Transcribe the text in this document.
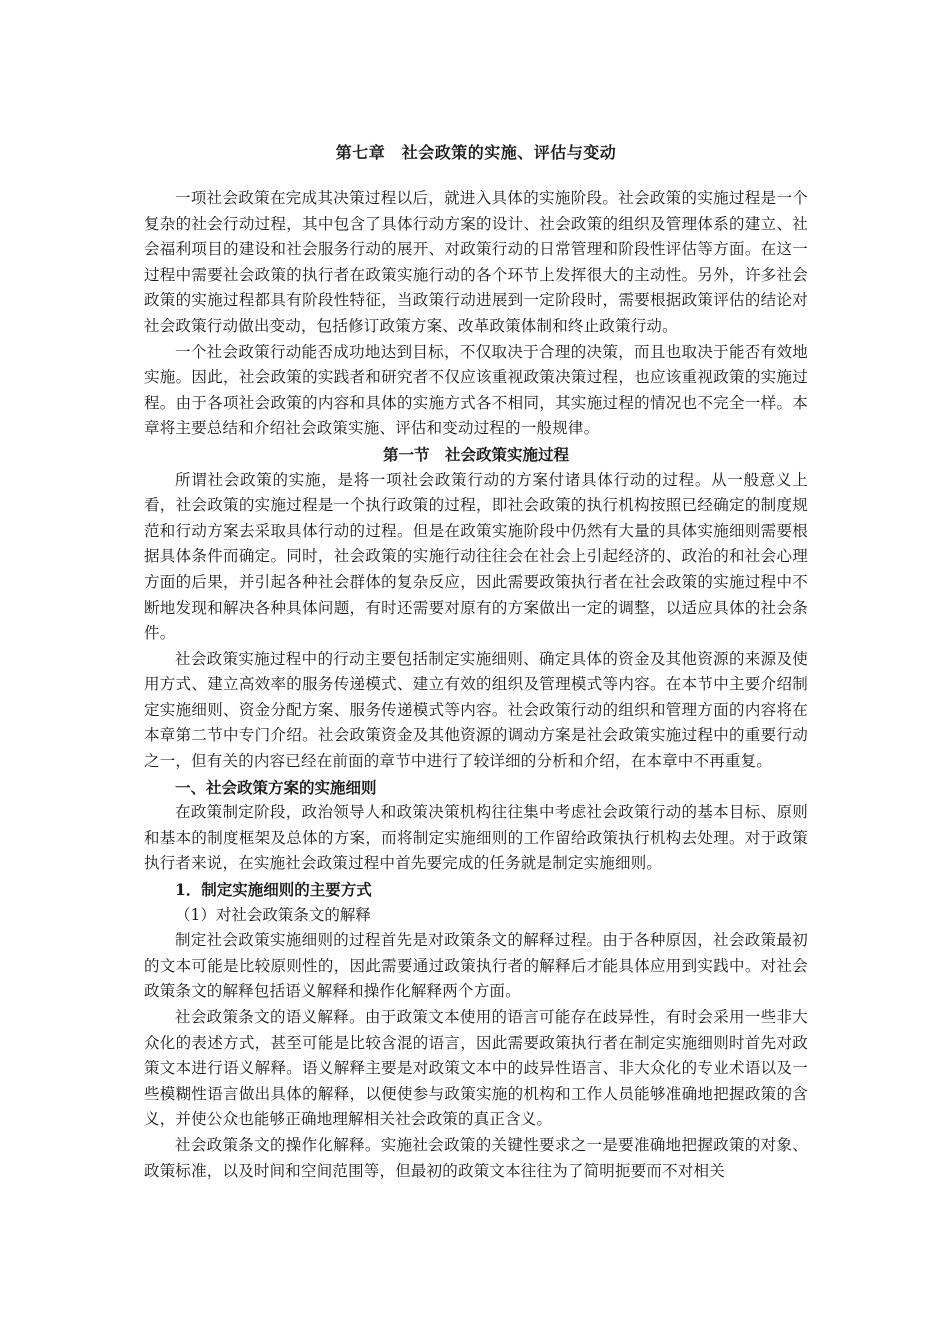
第七章　社会政策的实施、评估与变动

一项社会政策在完成其决策过程以后，就进入具体的实施阶段。社会政策的实施过程是一个复杂的社会行动过程，其中包含了具体行动方案的设计、社会政策的组织及管理体系的建立、社会福利项目的建设和社会服务行动的展开、对政策行动的日常管理和阶段性评估等方面。在这一过程中需要社会政策的执行者在政策实施行动的各个环节上发挥很大的主动性。另外，许多社会政策的实施过程都具有阶段性特征，当政策行动进展到一定阶段时，需要根据政策评估的结论对社会政策行动做出变动，包括修订政策方案、改革政策体制和终止政策行动。

一个社会政策行动能否成功地达到目标，不仅取决于合理的决策，而且也取决于能否有效地实施。因此，社会政策的实践者和研究者不仅应该重视政策决策过程，也应该重视政策的实施过程。由于各项社会政策的内容和具体的实施方式各不相同，其实施过程的情况也不完全一样。本章将主要总结和介绍社会政策实施、评估和变动过程的一般规律。

第一节　社会政策实施过程

所谓社会政策的实施，是将一项社会政策行动的方案付诸具体行动的过程。从一般意义上看，社会政策的实施过程是一个执行政策的过程，即社会政策的执行机构按照已经确定的制度规范和行动方案去采取具体行动的过程。但是在政策实施阶段中仍然有大量的具体实施细则需要根据具体条件而确定。同时，社会政策的实施行动往往会在社会上引起经济的、政治的和社会心理方面的后果，并引起各种社会群体的复杂反应，因此需要政策执行者在社会政策的实施过程中不断地发现和解决各种具体问题，有时还需要对原有的方案做出一定的调整，以适应具体的社会条件。

社会政策实施过程中的行动主要包括制定实施细则、确定具体的资金及其他资源的来源及使用方式、建立高效率的服务传递模式、建立有效的组织及管理模式等内容。在本节中主要介绍制定实施细则、资金分配方案、服务传递模式等内容。社会政策行动的组织和管理方面的内容将在本章第二节中专门介绍。社会政策资金及其他资源的调动方案是社会政策实施过程中的重要行动之一，但有关的内容已经在前面的章节中进行了较详细的分析和介绍，在本章中不再重复。

一、社会政策方案的实施细则

在政策制定阶段，政治领导人和政策决策机构往往集中考虑社会政策行动的基本目标、原则和基本的制度框架及总体的方案，而将制定实施细则的工作留给政策执行机构去处理。对于政策执行者来说，在实施社会政策过程中首先要完成的任务就是制定实施细则。

1．制定实施细则的主要方式
（1）对社会政策条文的解释

制定社会政策实施细则的过程首先是对政策条文的解释过程。由于各种原因，社会政策最初的文本可能是比较原则性的，因此需要通过政策执行者的解释后才能具体应用到实践中。对社会政策条文的解释包括语义解释和操作化解释两个方面。

社会政策条文的语义解释。由于政策文本使用的语言可能存在歧异性，有时会采用一些非大众化的表述方式，甚至可能是比较含混的语言，因此需要政策执行者在制定实施细则时首先对政策文本进行语义解释。语义解释主要是对政策文本中的歧异性语言、非大众化的专业术语以及一些模糊性语言做出具体的解释，以便使参与政策实施的机构和工作人员能够准确地把握政策的含义，并使公众也能够正确地理解相关社会政策的真正含义。

社会政策条文的操作化解释。实施社会政策的关键性要求之一是要准确地把握政策的对象、政策标准，以及时间和空间范围等，但最初的政策文本往往为了简明扼要而不对相关
